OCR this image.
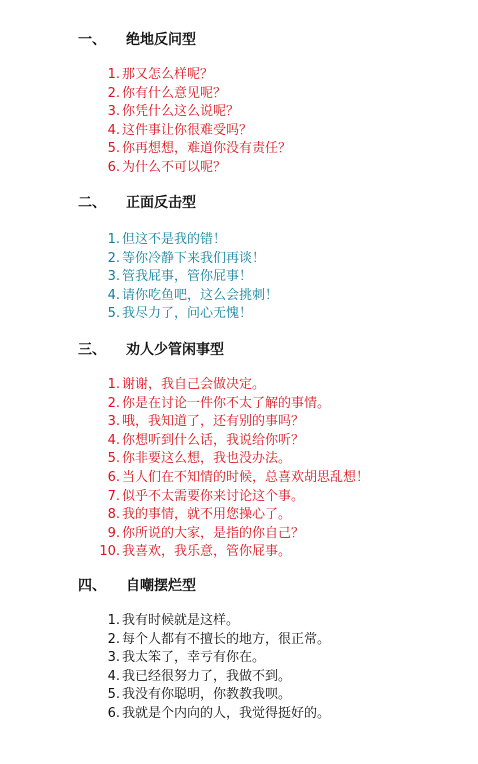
一、 绝地反问型
1. 那又怎么样呢？
2. 你有什么意见呢？
3. 你凭什么这么说呢？
4. 这件事让你很难受吗？
5. 你再想想，难道你没有责任？
6. 为什么不可以呢？
二、 正面反击型
1. 但这不是我的错！
2. 等你冷静下来我们再谈！
3. 管我屁事，管你屁事！
4. 请你吃鱼吧，这么会挑刺！
5. 我尽力了，问心无愧！
三、 劝人少管闲事型
1. 谢谢，我自己会做决定。
2. 你是在讨论一件你不太了解的事情。
3. 哦，我知道了，还有别的事吗？
4. 你想听到什么话，我说给你听？
5. 你非要这么想，我也没办法。
6. 当人们在不知情的时候，总喜欢胡思乱想！
7. 似乎不太需要你来讨论这个事。
8. 我的事情，就不用您操心了。
9. 你所说的大家，是指的你自己？
10. 我喜欢，我乐意，管你屁事。
四、 自嘲摆烂型
1. 我有时候就是这样。
2. 每个人都有不擅长的地方，很正常。
3. 我太笨了，幸亏有你在。
4. 我已经很努力了，我做不到。
5. 我没有你聪明，你教教我呗。
6. 我就是个内向的人，我觉得挺好的。
